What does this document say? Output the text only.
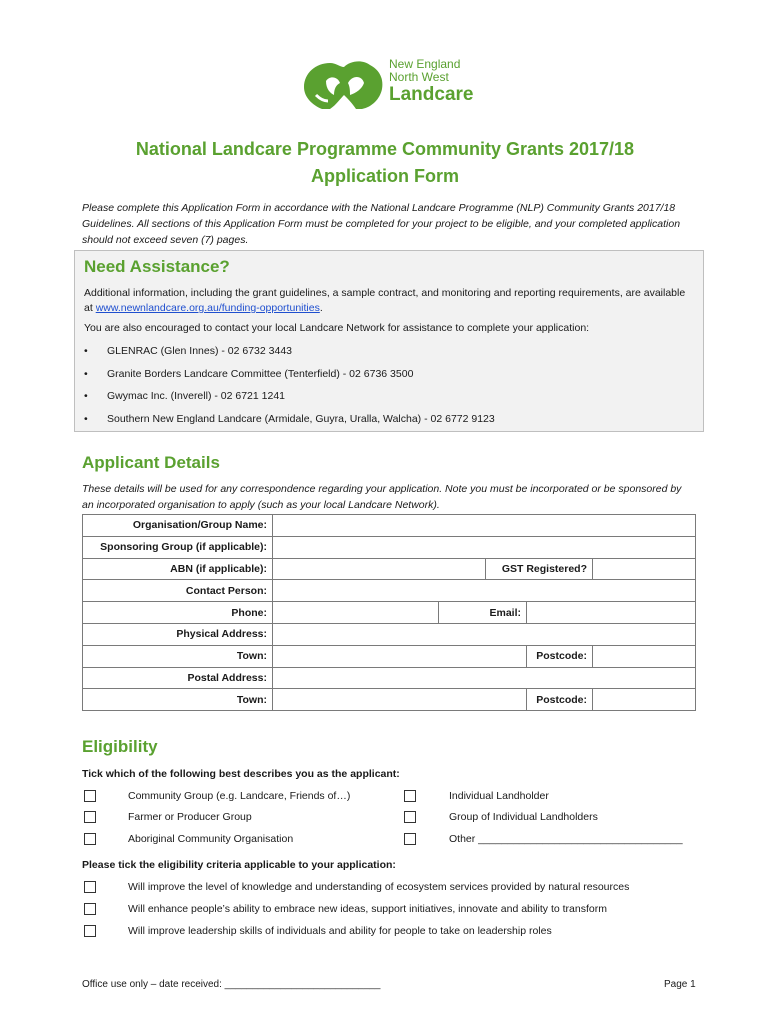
New England
North West
Landcare
National Landcare Programme Community Grants 2017/18
Application Form
Please complete this Application Form in accordance with the National Landcare Programme (NLP) Community Grants 2017/18 Guidelines. All sections of this Application Form must be completed for your project to be eligible, and your completed application should not exceed seven (7) pages.
Need Assistance?
Additional information, including the grant guidelines, a sample contract, and monitoring and reporting requirements, are available at www.newnlandcare.org.au/funding-opportunities.
You are also encouraged to contact your local Landcare Network for assistance to complete your application:
• GLENRAC (Glen Innes) - 02 6732 3443
• Granite Borders Landcare Committee (Tenterfield) - 02 6736 3500
• Gwymac Inc. (Inverell) - 02 6721 1241
• Southern New England Landcare (Armidale, Guyra, Uralla, Walcha) - 02 6772 9123
Applicant Details
These details will be used for any correspondence regarding your application. Note you must be incorporated or be sponsored by an incorporated organisation to apply (such as your local Landcare Network).
Organisation/Group Name:					
Sponsoring Group (if applicable):					
ABN (if applicable):			GST Registered?		
Contact Person:					
Phone:		Email:			
Physical Address:					
Town:				Postcode:	
Postal Address:					
Town:				Postcode:	
Eligibility
Tick which of the following best describes you as the applicant:
Community Group (e.g. Landcare, Friends of…)	Individual Landholder
Farmer or Producer Group	Group of Individual Landholders
Aboriginal Community Organisation	Other ___________________________________
Please tick the eligibility criteria applicable to your application:
Will improve the level of knowledge and understanding of ecosystem services provided by natural resources
Will enhance people’s ability to embrace new ideas, support initiatives, innovate and ability to transform
Will improve leadership skills of individuals and ability for people to take on leadership roles
Office use only – date received: ____________________________	Page 1
